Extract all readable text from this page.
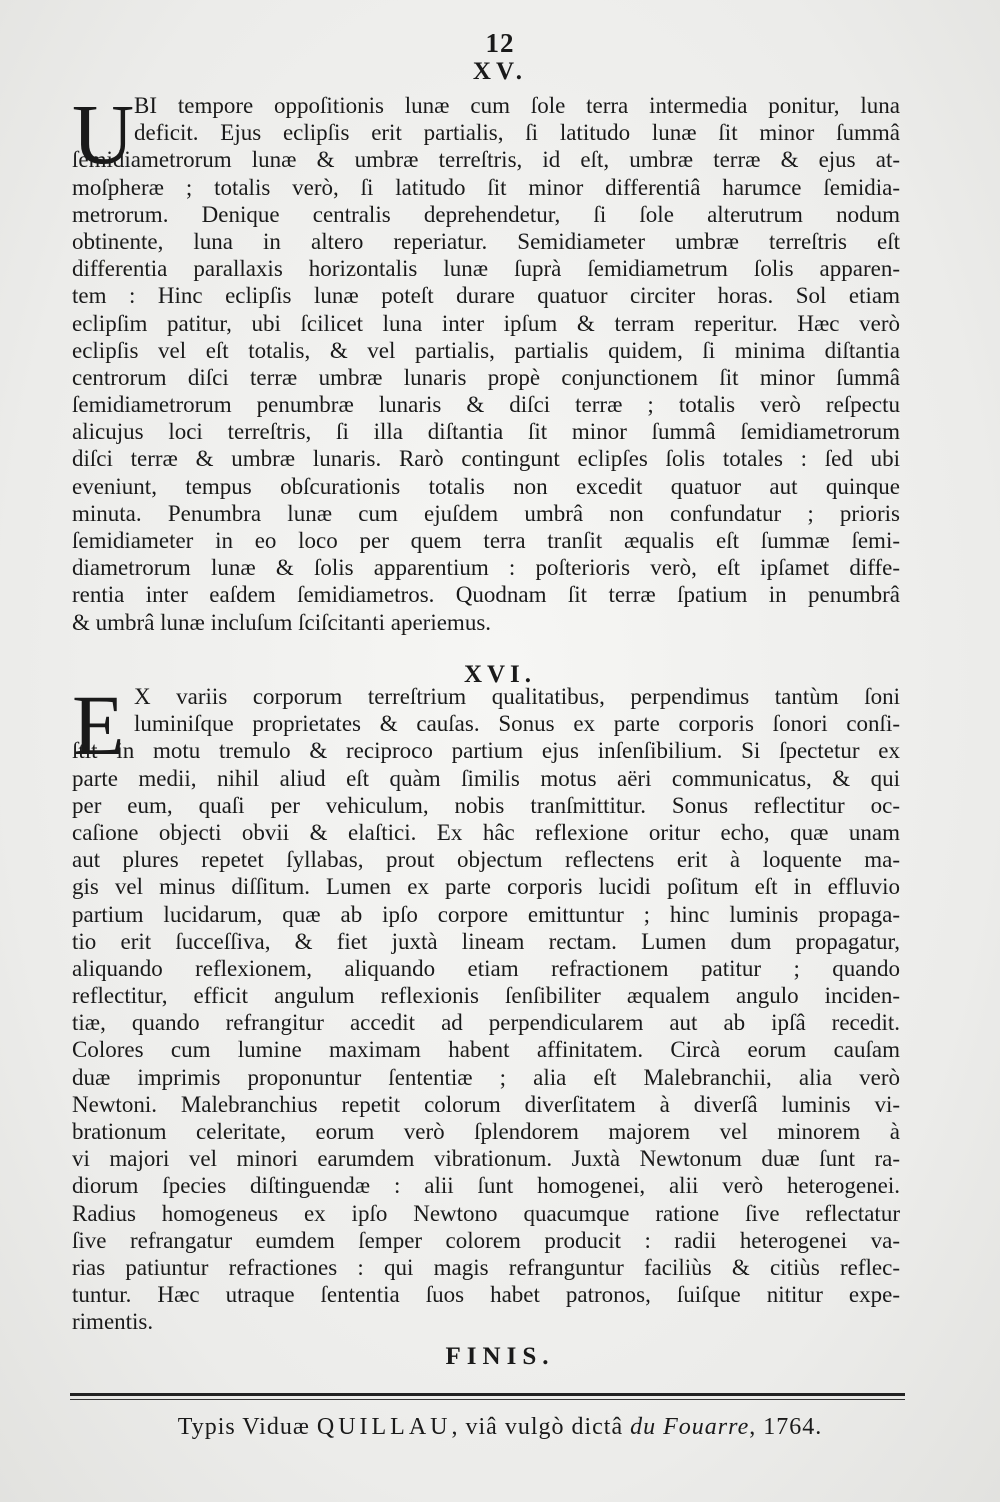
12
XV.
U BI tempore oppoſitionis lunæ cum ſole terra intermedia ponitur, luna
deficit. Ejus eclipſis erit partialis, ſi latitudo lunæ ſit minor ſummâ
ſemidiametrorum lunæ & umbræ terreſtris, id eſt, umbræ terræ & ejus at-
moſpheræ ; totalis verò, ſi latitudo ſit minor differentiâ harumce ſemidia-
metrorum. Denique centralis deprehendetur, ſi ſole alterutrum nodum
obtinente, luna in altero reperiatur. Semidiameter umbræ terreſtris eſt
differentia parallaxis horizontalis lunæ ſuprà ſemidiametrum ſolis apparen-
tem : Hinc eclipſis lunæ poteſt durare quatuor circiter horas. Sol etiam
eclipſim patitur, ubi ſcilicet luna inter ipſum & terram reperitur. Hæc verò
eclipſis vel eſt totalis, & vel partialis, partialis quidem, ſi minima diſtantia
centrorum diſci terræ umbræ lunaris propè conjunctionem ſit minor ſummâ
ſemidiametrorum penumbræ lunaris & diſci terræ ; totalis verò reſpectu
alicujus loci terreſtris, ſi illa diſtantia ſit minor ſummâ ſemidiametrorum
diſci terræ & umbræ lunaris. Rarò contingunt eclipſes ſolis totales : ſed ubi
eveniunt, tempus obſcurationis totalis non excedit quatuor aut quinque
minuta. Penumbra lunæ cum ejuſdem umbrâ non confundatur ; prioris
ſemidiameter in eo loco per quem terra tranſit æqualis eſt ſummæ ſemi-
diametrorum lunæ & ſolis apparentium : poſterioris verò, eſt ipſamet diffe-
rentia inter eaſdem ſemidiametros. Quodnam ſit terræ ſpatium in penumbrâ
& umbrâ lunæ incluſum ſciſcitanti aperiemus.
XVI.
E X variis corporum terreſtrium qualitatibus, perpendimus tantùm ſoni
luminiſque proprietates & cauſas. Sonus ex parte corporis ſonori conſi-
ſtit in motu tremulo & reciproco partium ejus inſenſibilium. Si ſpectetur ex
parte medii, nihil aliud eſt quàm ſimilis motus aëri communicatus, & qui
per eum, quaſi per vehiculum, nobis tranſmittitur. Sonus reflectitur oc-
caſione objecti obvii & elaſtici. Ex hâc reflexione oritur echo, quæ unam
aut plures repetet ſyllabas, prout objectum reflectens erit à loquente ma-
gis vel minus diſſitum. Lumen ex parte corporis lucidi poſitum eſt in effluvio
partium lucidarum, quæ ab ipſo corpore emittuntur ; hinc luminis propaga-
tio erit ſucceſſiva, & fiet juxtà lineam rectam. Lumen dum propagatur,
aliquando reflexionem, aliquando etiam refractionem patitur ; quando
reflectitur, efficit angulum reflexionis ſenſibiliter æqualem angulo inciden-
tiæ, quando refrangitur accedit ad perpendicularem aut ab ipſâ recedit.
Colores cum lumine maximam habent affinitatem. Circà eorum cauſam
duæ imprimis proponuntur ſententiæ ; alia eſt Malebranchii, alia verò
Newtoni. Malebranchius repetit colorum diverſitatem à diverſâ luminis vi-
brationum celeritate, eorum verò ſplendorem majorem vel minorem à
vi majori vel minori earumdem vibrationum. Juxtà Newtonum duæ ſunt ra-
diorum ſpecies diſtinguendæ : alii ſunt homogenei, alii verò heterogenei.
Radius homogeneus ex ipſo Newtono quacumque ratione ſive reflectatur
ſive refrangatur eumdem ſemper colorem producit : radii heterogenei va-
rias patiuntur refractiones : qui magis refranguntur faciliùs & citiùs reflec-
tuntur. Hæc utraque ſententia ſuos habet patronos, ſuiſque nititur expe-
rimentis.
FINIS.
Typis Viduæ QUILLAU, viâ vulgò dictâ du Fouarre, 1764.
